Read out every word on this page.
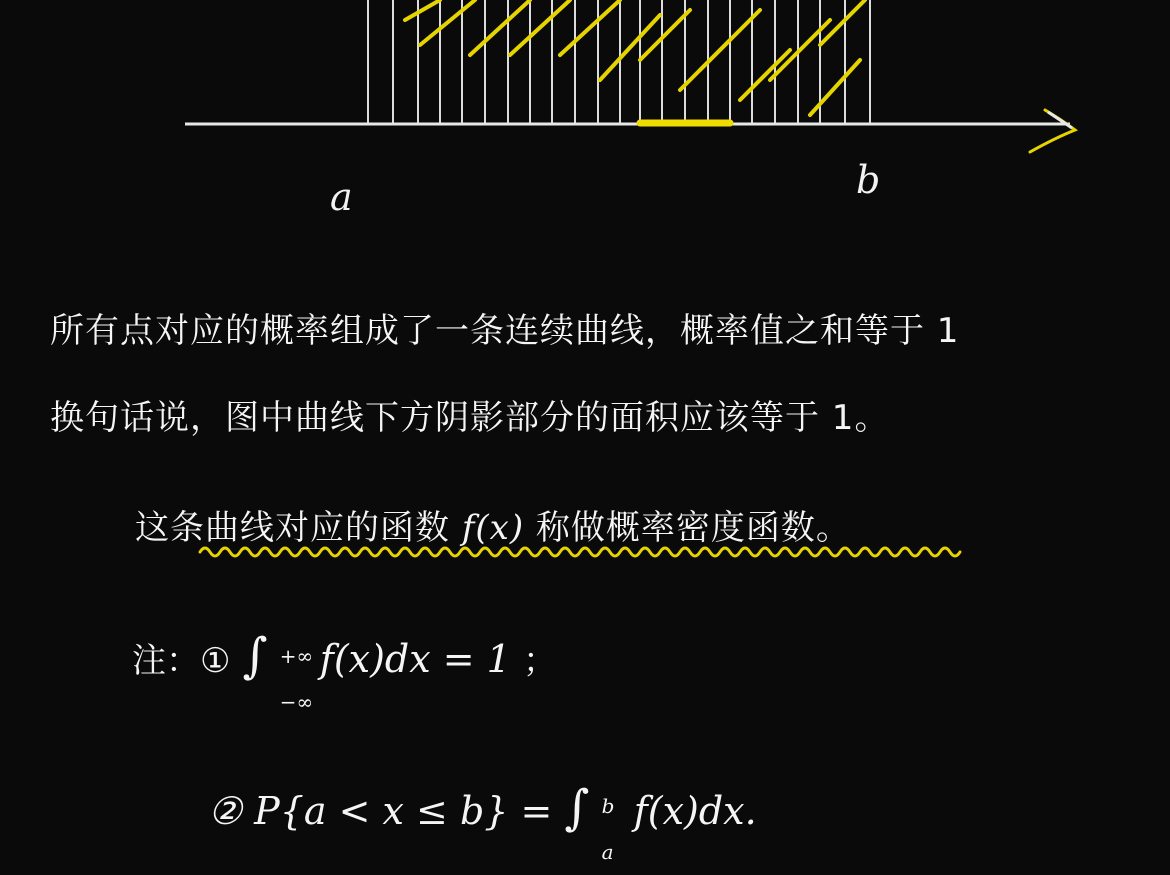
a	b
所有点对应的概率组成了一条连续曲线，概率值之和等于 1
换句话说，图中曲线下方阴影部分的面积应该等于 1。
这条曲线对应的函数 f(x) 称做概率密度函数。
注：① ∫ +∞
−∞
f(x)dx = 1 ；
② P{a < x ≤ b} = ∫ b
a
f(x)dx.
